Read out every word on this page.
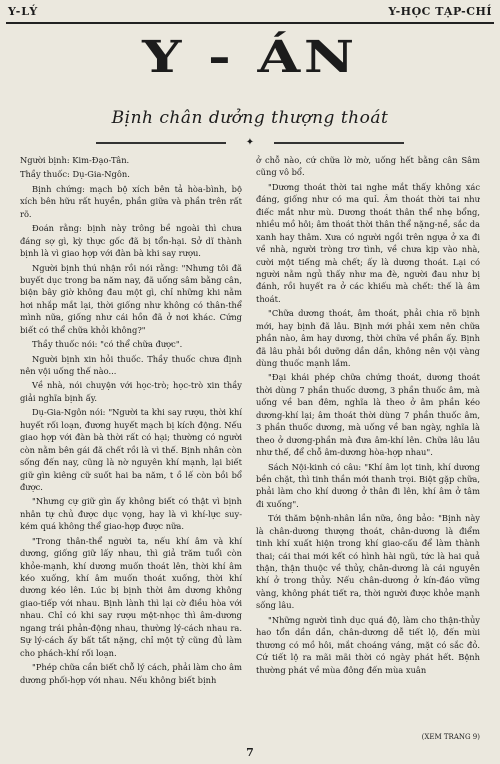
Y-LÝ	Y-HỌC TẠP-CHÍ
Y - ÁN
Bịnh chân dưởng thượng thoát
✦

Người bịnh: Kim-Đạo-Tân.

Thầy thuốc: Dụ-Gia-Ngôn.

Bịnh chứng: mạch bộ xích bên tả hòa-bình, bộ xích bên hữu rất huyền, phần giữa và phần trên rất rõ.

Đoán rằng: bịnh này trông bề ngoài thì chưa đáng sợ gì, kỳ thực gốc đã bị tổn-hại. Sở dĩ thành bịnh là vì giao hợp với đàn bà khi say rượu.

Người bịnh thú nhận rồi nói rằng: "Nhưng tôi đã buyết dục trong ba năm nay, đã uống sâm bằng cân, biện bây giờ không đau một gì, chỉ những khi nằm hơi nhắp mắt lại, thời giống như không có thân-thể mình nữa, giống như cái hồn đã ở nơi khác. Cứng biết có thể chữa khỏi không?"

Thầy thuốc nói: "có thể chữa được".

Người bịnh xin hỏi thuốc. Thầy thuốc chưa định nên vội uống thế nào...

Về nhà, nói chuyện với học-trò; học-trò xin thầy giải nghĩa bịnh ấy.

Dụ-Gia-Ngôn nói: "Người ta khi say rượu, thời khí huyết rối loạn, đương huyết mạch bị kích động. Nếu giao hợp với đàn bà thời rất có hại; thường có người còn nằm bên gái đã chết rồi là vì thế. Bịnh nhân còn sống đến nay, cũng là nờ nguyên khí mạnh, lại biết giữ gìn kiêng cữ suốt hai ba năm, t ồ lế còn bồi bổ được.

"Nhưng cự giữ gìn ấy không biết có thật vì bịnh nhân tự chủ được dục vọng, hay là vì khí-lực suy-kém quá không thể giao-hợp được nữa.

"Trong thân-thể người ta, nếu khí âm và khí dương, giống giữ lấy nhau, thì giả trăm tuổi còn khỏe-mạnh, khí dương muốn thoát lên, thời khí âm kéo xuống, khí âm muốn thoát xuống, thời khí dương kéo lên. Lúc bị bịnh thời âm dương không giao-tiếp với nhau. Bịnh lành thì lại cờ điều hòa với nhau. Chỉ có khi say rượu mệt-nhọc thì âm-dương ngang trái phản-động nhau, thường lý-cách nhau ra. Sự lý-cách ấy bất tất nặng, chỉ một tỷ cũng đủ làm cho phách-khí rối loạn.

"Phép chữa cần biết chỗ lý cách, phải làm cho âm dương phối-hợp với nhau. Nếu không biết bịnh

ở chỗ nào, cứ chữa lờ mờ, uống hết bằng cân Sâm cũng vô bổ.

"Dương thoát thời tai nghe mắt thấy không xác đáng, giống như có ma quỉ. Âm thoát thời tai như điếc mắt như mù. Dương thoát thân thể nhẹ bổng, nhiều mồ hôi; âm thoát thời thân thể nặng-nề, sắc da xanh hay thâm. Xưa có người ngồi trên ngựa ở xa đi về nhà, người tròng trơ tình, về chưa kịp vào nhà, cười một tiếng mà chết; ấy là dương thoát. Lại có người nằm ngủ thấy như ma đè, người đau như bị đánh, rồi huyết ra ở các khiếu mà chết: thế là âm thoát.

"Chữa dương thoát, âm thoát, phải chia rõ bịnh mới, hay bịnh đã lâu. Bịnh mới phải xem nên chữa phần nào, âm hay dương, thời chữa về phần ấy. Bịnh đã lâu phải bồi dưỡng dần dần, không nên vội vàng dùng thuốc mạnh lắm.

"Đại khái phép chữa chứng thoát, dương thoát thời dùng 7 phần thuốc dương, 3 phần thuốc âm, mà uống về ban đêm, nghĩa là theo ở âm phần kéo dương-khí lại; âm thoát thời dùng 7 phần thuốc âm, 3 phần thuốc dương, mà uống về ban ngày, nghĩa là theo ở dương-phần mà đưa âm-khí lên. Chữa lâu lâu như thế, để chỗ âm-dương hòa-hợp nhau".

Sách Nội-kinh có câu: "Khí âm lọt tinh, khí dương bền chặt, thì tinh thần mới thanh trọi. Biệt gặp chữa, phải làm cho khí dương ở thân đi lên, khí âm ở tâm đi xuống".

Tới thăm bệnh-nhân lần nữa, ông bảo: "Bịnh này là chân-dương thượng thoát, chân-dương là điểm tinh khí xuất hiện trong khí giao-cấu để làm thành thai; cái thai mới kết có hình hài ngũ, tức là hai quả thận, thận thuộc về thủy, chân-dương là cái nguyên khí ở trong thủy. Nếu chân-dương ở kín-đáo vững vàng, không phát tiết ra, thời người được khỏe mạnh sống lâu.

"Những người tình dục quá độ, làm cho thận-thủy hao tổn dần dần, chân-dương dễ tiết lộ, đến mùi thương có mồ hôi, mắt choáng váng, mặt có sắc đỏ. Cứ tiết lộ ra mãi mãi thời có ngày phát hết. Bệnh thường phát về mùa đông đến mùa xuân

(XEM TRANG 9)
7
